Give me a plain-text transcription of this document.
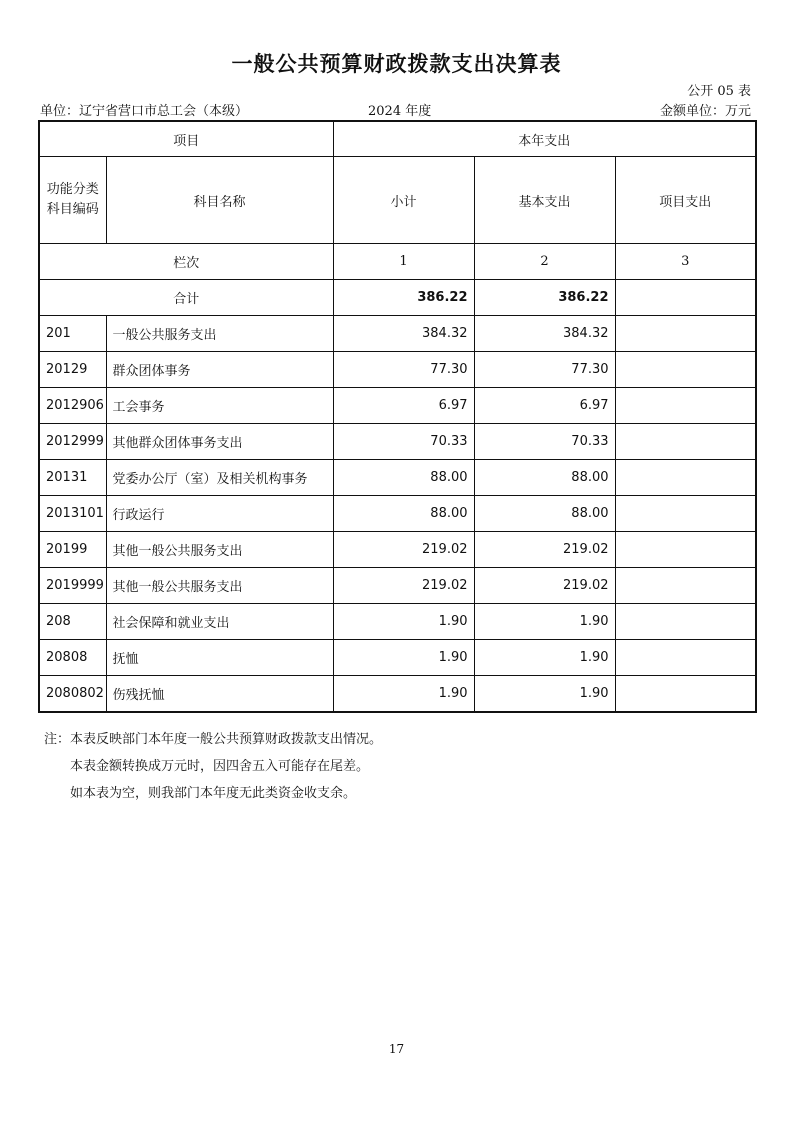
一般公共预算财政拨款支出决算表
公开 05 表
单位：辽宁省营口市总工会（本级）	2024 年度	金额单位：万元
项目		本年支出		
功能分类科目编码	科目名称	小计	基本支出	项目支出
栏次		1	2	3
合计		386.22	386.22	
201	一般公共服务支出	384.32	384.32	
20129	群众团体事务	77.30	77.30	
2012906	工会事务	6.97	6.97	
2012999	其他群众团体事务支出	70.33	70.33	
20131	党委办公厅（室）及相关机构事务	88.00	88.00	
2013101	行政运行	88.00	88.00	
20199	其他一般公共服务支出	219.02	219.02	
2019999	其他一般公共服务支出	219.02	219.02	
208	社会保障和就业支出	1.90	1.90	
20808	抚恤	1.90	1.90	
2080802	伤残抚恤	1.90	1.90	
注：本表反映部门本年度一般公共预算财政拨款支出情况。
本表金额转换成万元时，因四舍五入可能存在尾差。
如本表为空，则我部门本年度无此类资金收支余。
17
